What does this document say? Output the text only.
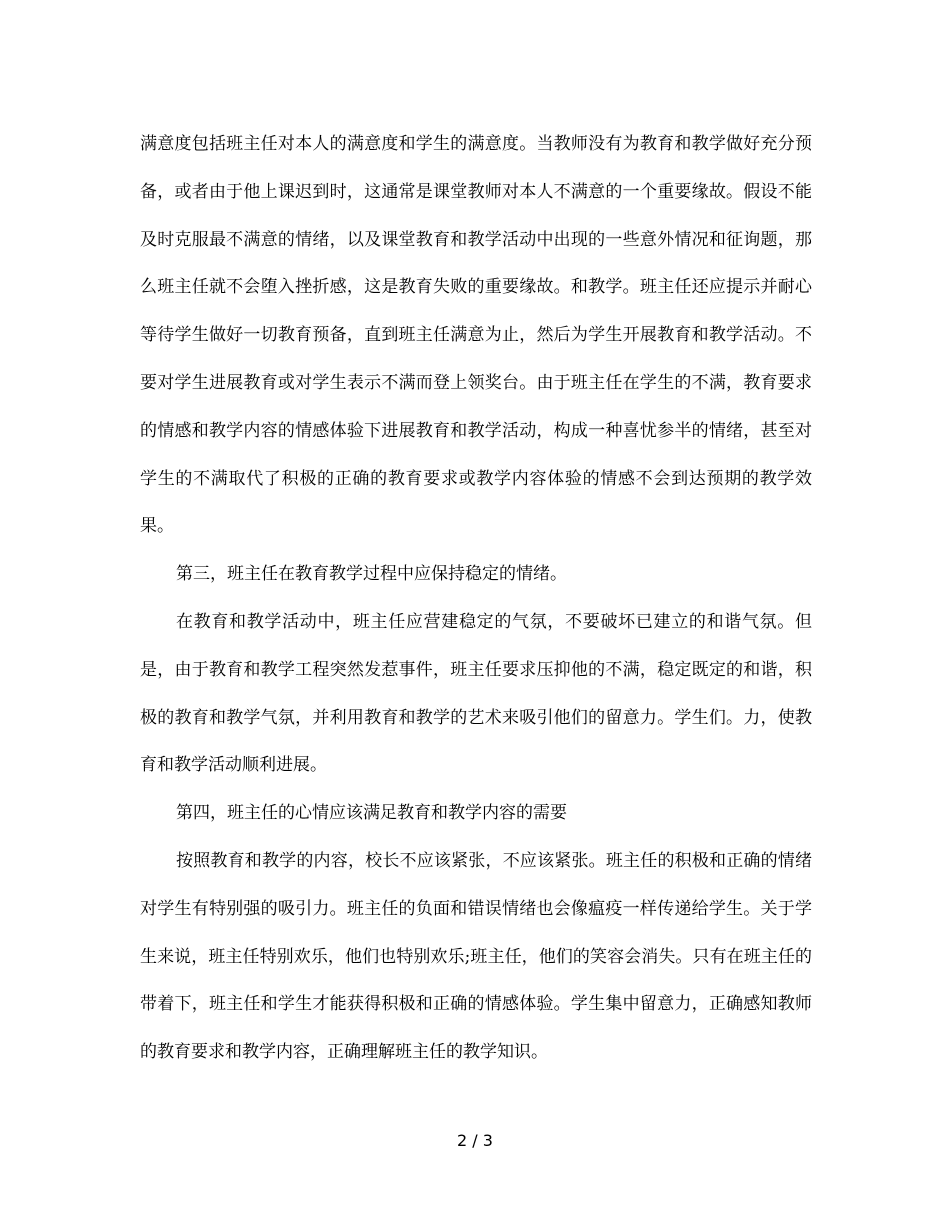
满意度包括班主任对本人的满意度和学生的满意度。当教师没有为教育和教学做好充分预备，或者由于他上课迟到时，这通常是课堂教师对本人不满意的一个重要缘故。假设不能及时克服最不满意的情绪，以及课堂教育和教学活动中出现的一些意外情况和征询题，那么班主任就不会堕入挫折感，这是教育失败的重要缘故。和教学。班主任还应提示并耐心等待学生做好一切教育预备，直到班主任满意为止，然后为学生开展教育和教学活动。不要对学生进展教育或对学生表示不满而登上领奖台。由于班主任在学生的不满，教育要求的情感和教学内容的情感体验下进展教育和教学活动，构成一种喜忧参半的情绪，甚至对学生的不满取代了积极的正确的教育要求或教学内容体验的情感不会到达预期的教学效果。

第三，班主任在教育教学过程中应保持稳定的情绪。

在教育和教学活动中，班主任应营建稳定的气氛，不要破坏已建立的和谐气氛。但是，由于教育和教学工程突然发惹事件，班主任要求压抑他的不满，稳定既定的和谐，积极的教育和教学气氛，并利用教育和教学的艺术来吸引他们的留意力。学生们。力，使教育和教学活动顺利进展。

第四，班主任的心情应该满足教育和教学内容的需要

按照教育和教学的内容，校长不应该紧张，不应该紧张。班主任的积极和正确的情绪对学生有特别强的吸引力。班主任的负面和错误情绪也会像瘟疫一样传递给学生。关于学生来说，班主任特别欢乐，他们也特别欢乐;班主任，他们的笑容会消失。只有在班主任的带着下，班主任和学生才能获得积极和正确的情感体验。学生集中留意力，正确感知教师的教育要求和教学内容，正确理解班主任的教学知识。

2 / 3
